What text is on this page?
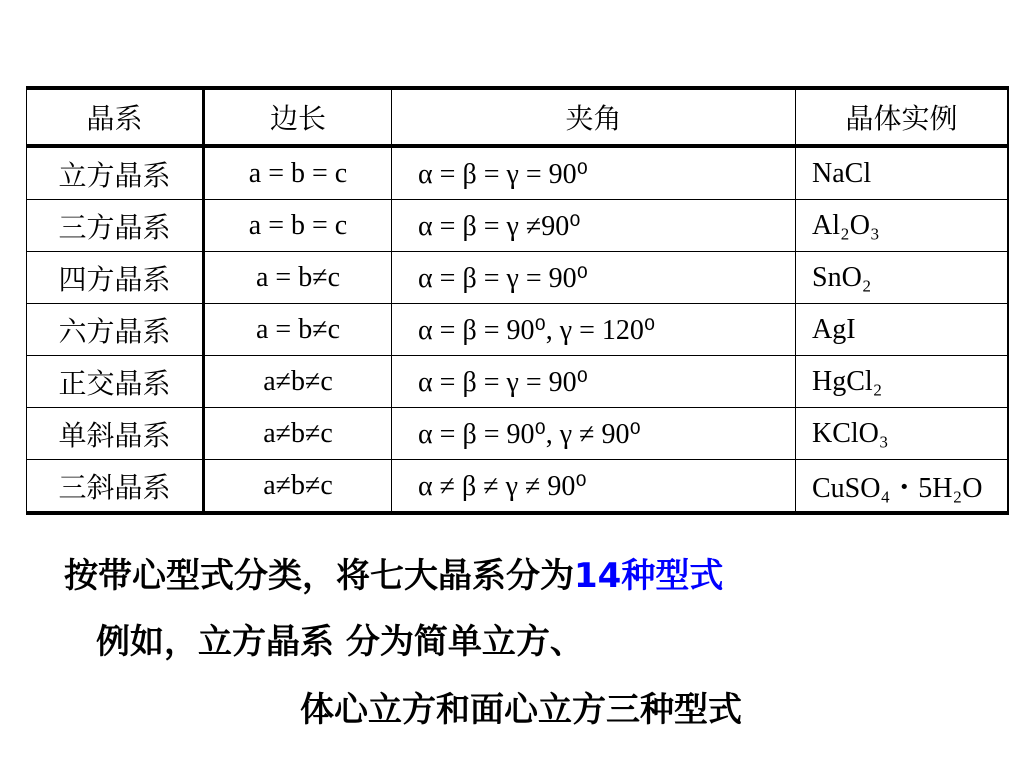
晶系	边长	夹角	晶体实例
立方晶系	a = b = c	α = β = γ = 90⁰	NaCl
三方晶系	a = b = c	α = β = γ ≠90⁰	Al₂O₃
四方晶系	a = b≠c	α = β = γ = 90⁰	SnO₂
六方晶系	a = b≠c	α = β = 90⁰, γ = 120⁰	AgI
正交晶系	a≠b≠c	α = β = γ = 90⁰	HgCl₂
单斜晶系	a≠b≠c	α = β = 90⁰, γ ≠ 90⁰	KClO₃
三斜晶系	a≠b≠c	α ≠ β ≠ γ ≠ 90⁰	CuSO₄・5H₂O
按带心型式分类，将七大晶系分为14种型式
例如，立方晶系 分为简单立方、
体心立方和面心立方三种型式
